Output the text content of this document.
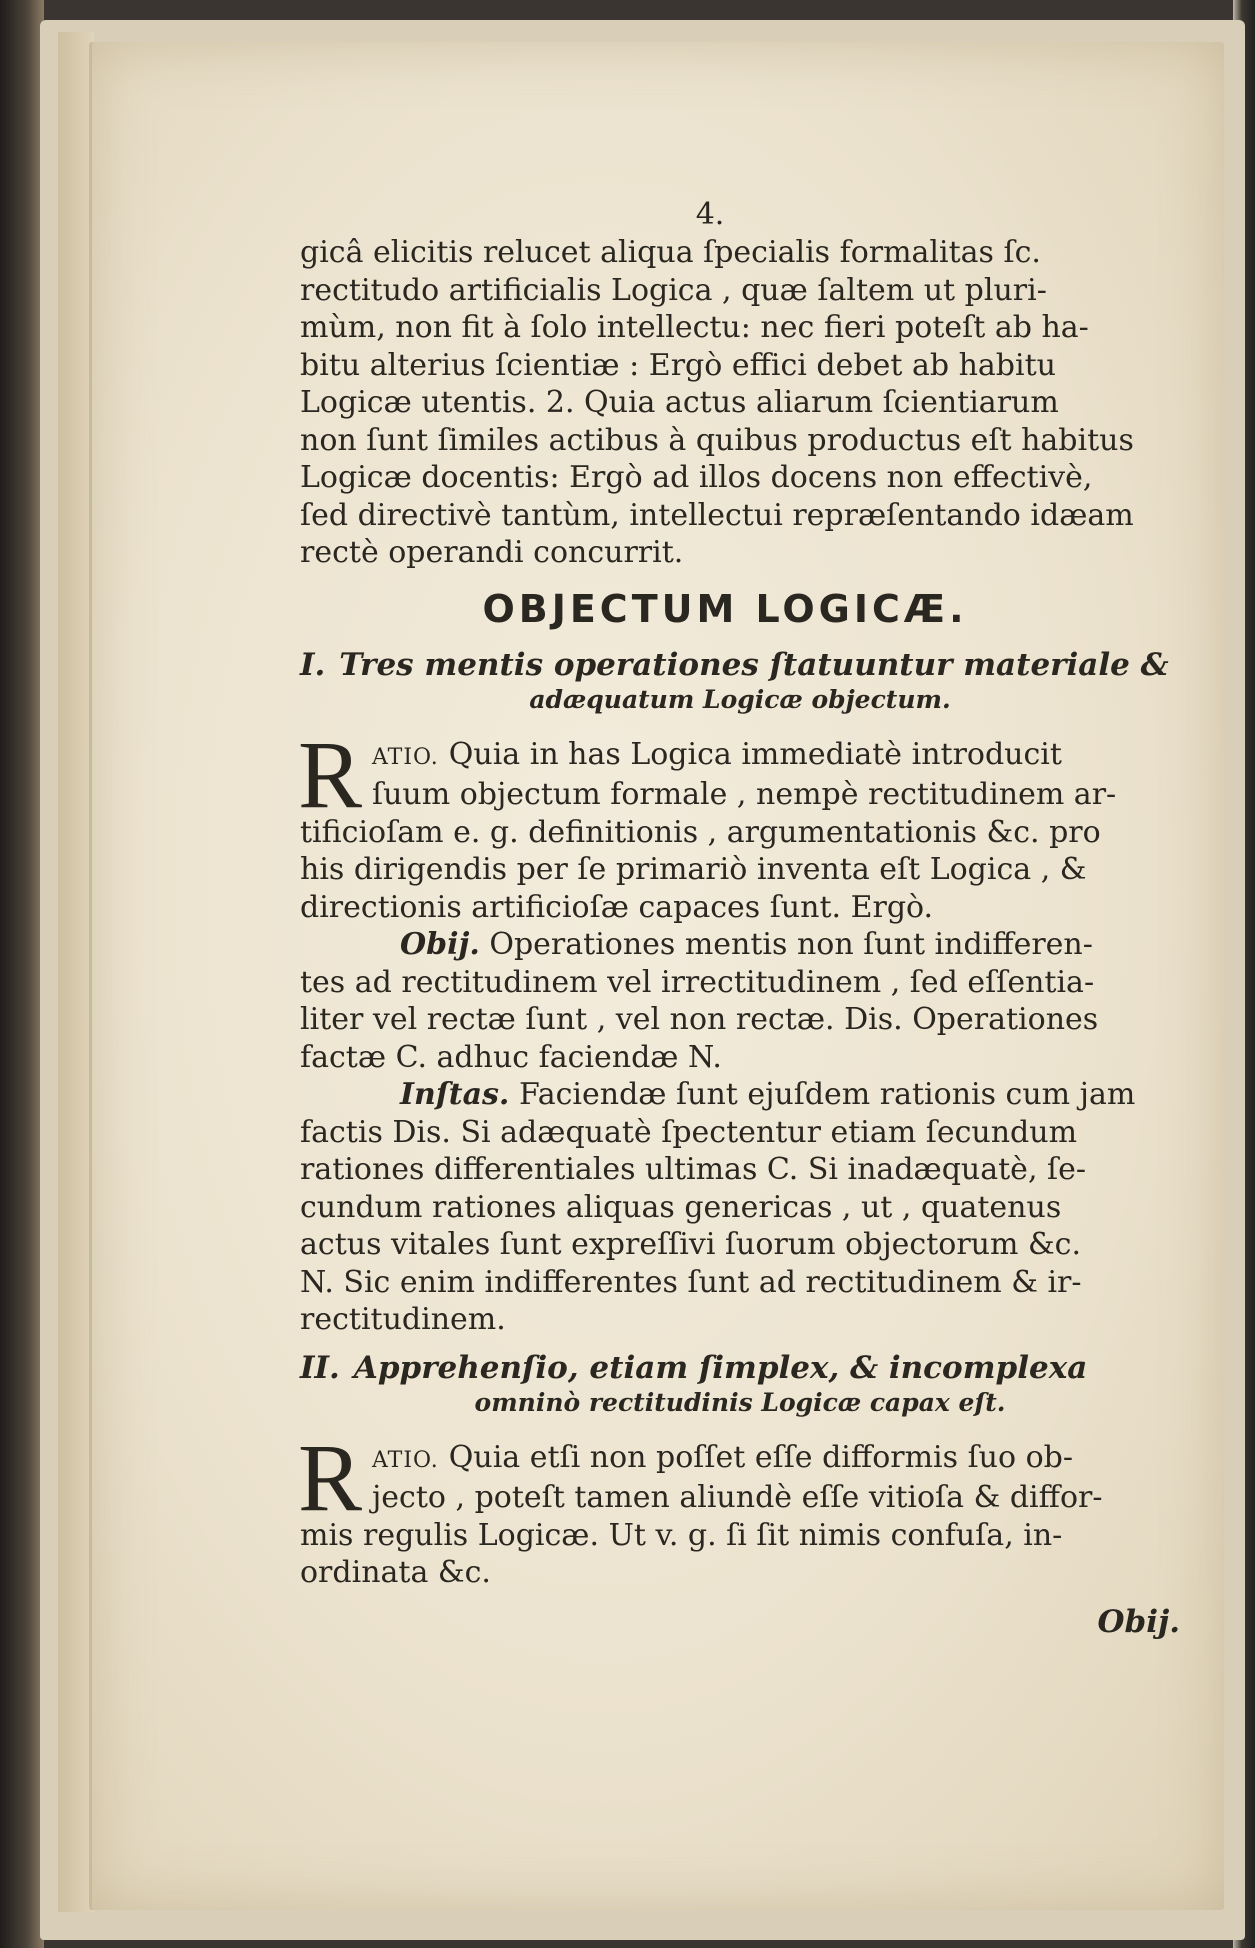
4.

gicâ elicitis relucet aliqua ſpecialis formalitas ſc.

rectitudo artificialis Logica , quæ ſaltem ut pluri-

mùm, non fit à ſolo intellectu: nec fieri poteſt ab ha-

bitu alterius ſcientiæ : Ergò effici debet ab habitu

Logicæ utentis. 2. Quia actus aliarum ſcientiarum

non ſunt ſimiles actibus à quibus productus eſt habitus

Logicæ docentis: Ergò ad illos docens non effectivè,

ſed directivè tantùm, intellectui repræſentando idæam

rectè operandi concurrit.

OBJECTUM LOGICÆ.
I. Tres mentis operationes ſtatuuntur materiale &
adæquatum Logicæ objectum.
R ATIO. Quia in has Logica immediatè introducit

ſuum objectum formale , nempè rectitudinem ar-

tificioſam e. g. definitionis , argumentationis &c. pro

his dirigendis per ſe primariò inventa eſt Logica , &

directionis artificioſæ capaces ſunt. Ergò.

Obij. Operationes mentis non ſunt indifferen-

tes ad rectitudinem vel irrectitudinem , ſed eſſentia-

liter vel rectæ ſunt , vel non rectæ. Dis. Operationes

factæ C. adhuc faciendæ N.

Inſtas. Faciendæ ſunt ejuſdem rationis cum jam

factis Dis. Si adæquatè ſpectentur etiam ſecundum

rationes differentiales ultimas C. Si inadæquatè, ſe-

cundum rationes aliquas genericas , ut , quatenus

actus vitales ſunt expreſſivi ſuorum objectorum &c.

N. Sic enim indifferentes ſunt ad rectitudinem & ir-

rectitudinem.

II. Apprehenſio, etiam ſimplex, & incomplexa
omninò rectitudinis Logicæ capax eſt.
R ATIO. Quia etſi non poſſet eſſe difformis ſuo ob-

jecto , poteſt tamen aliundè eſſe vitioſa & diffor-

mis regulis Logicæ. Ut v. g. ſi ſit nimis confuſa, in-

ordinata &c.

Obij.
